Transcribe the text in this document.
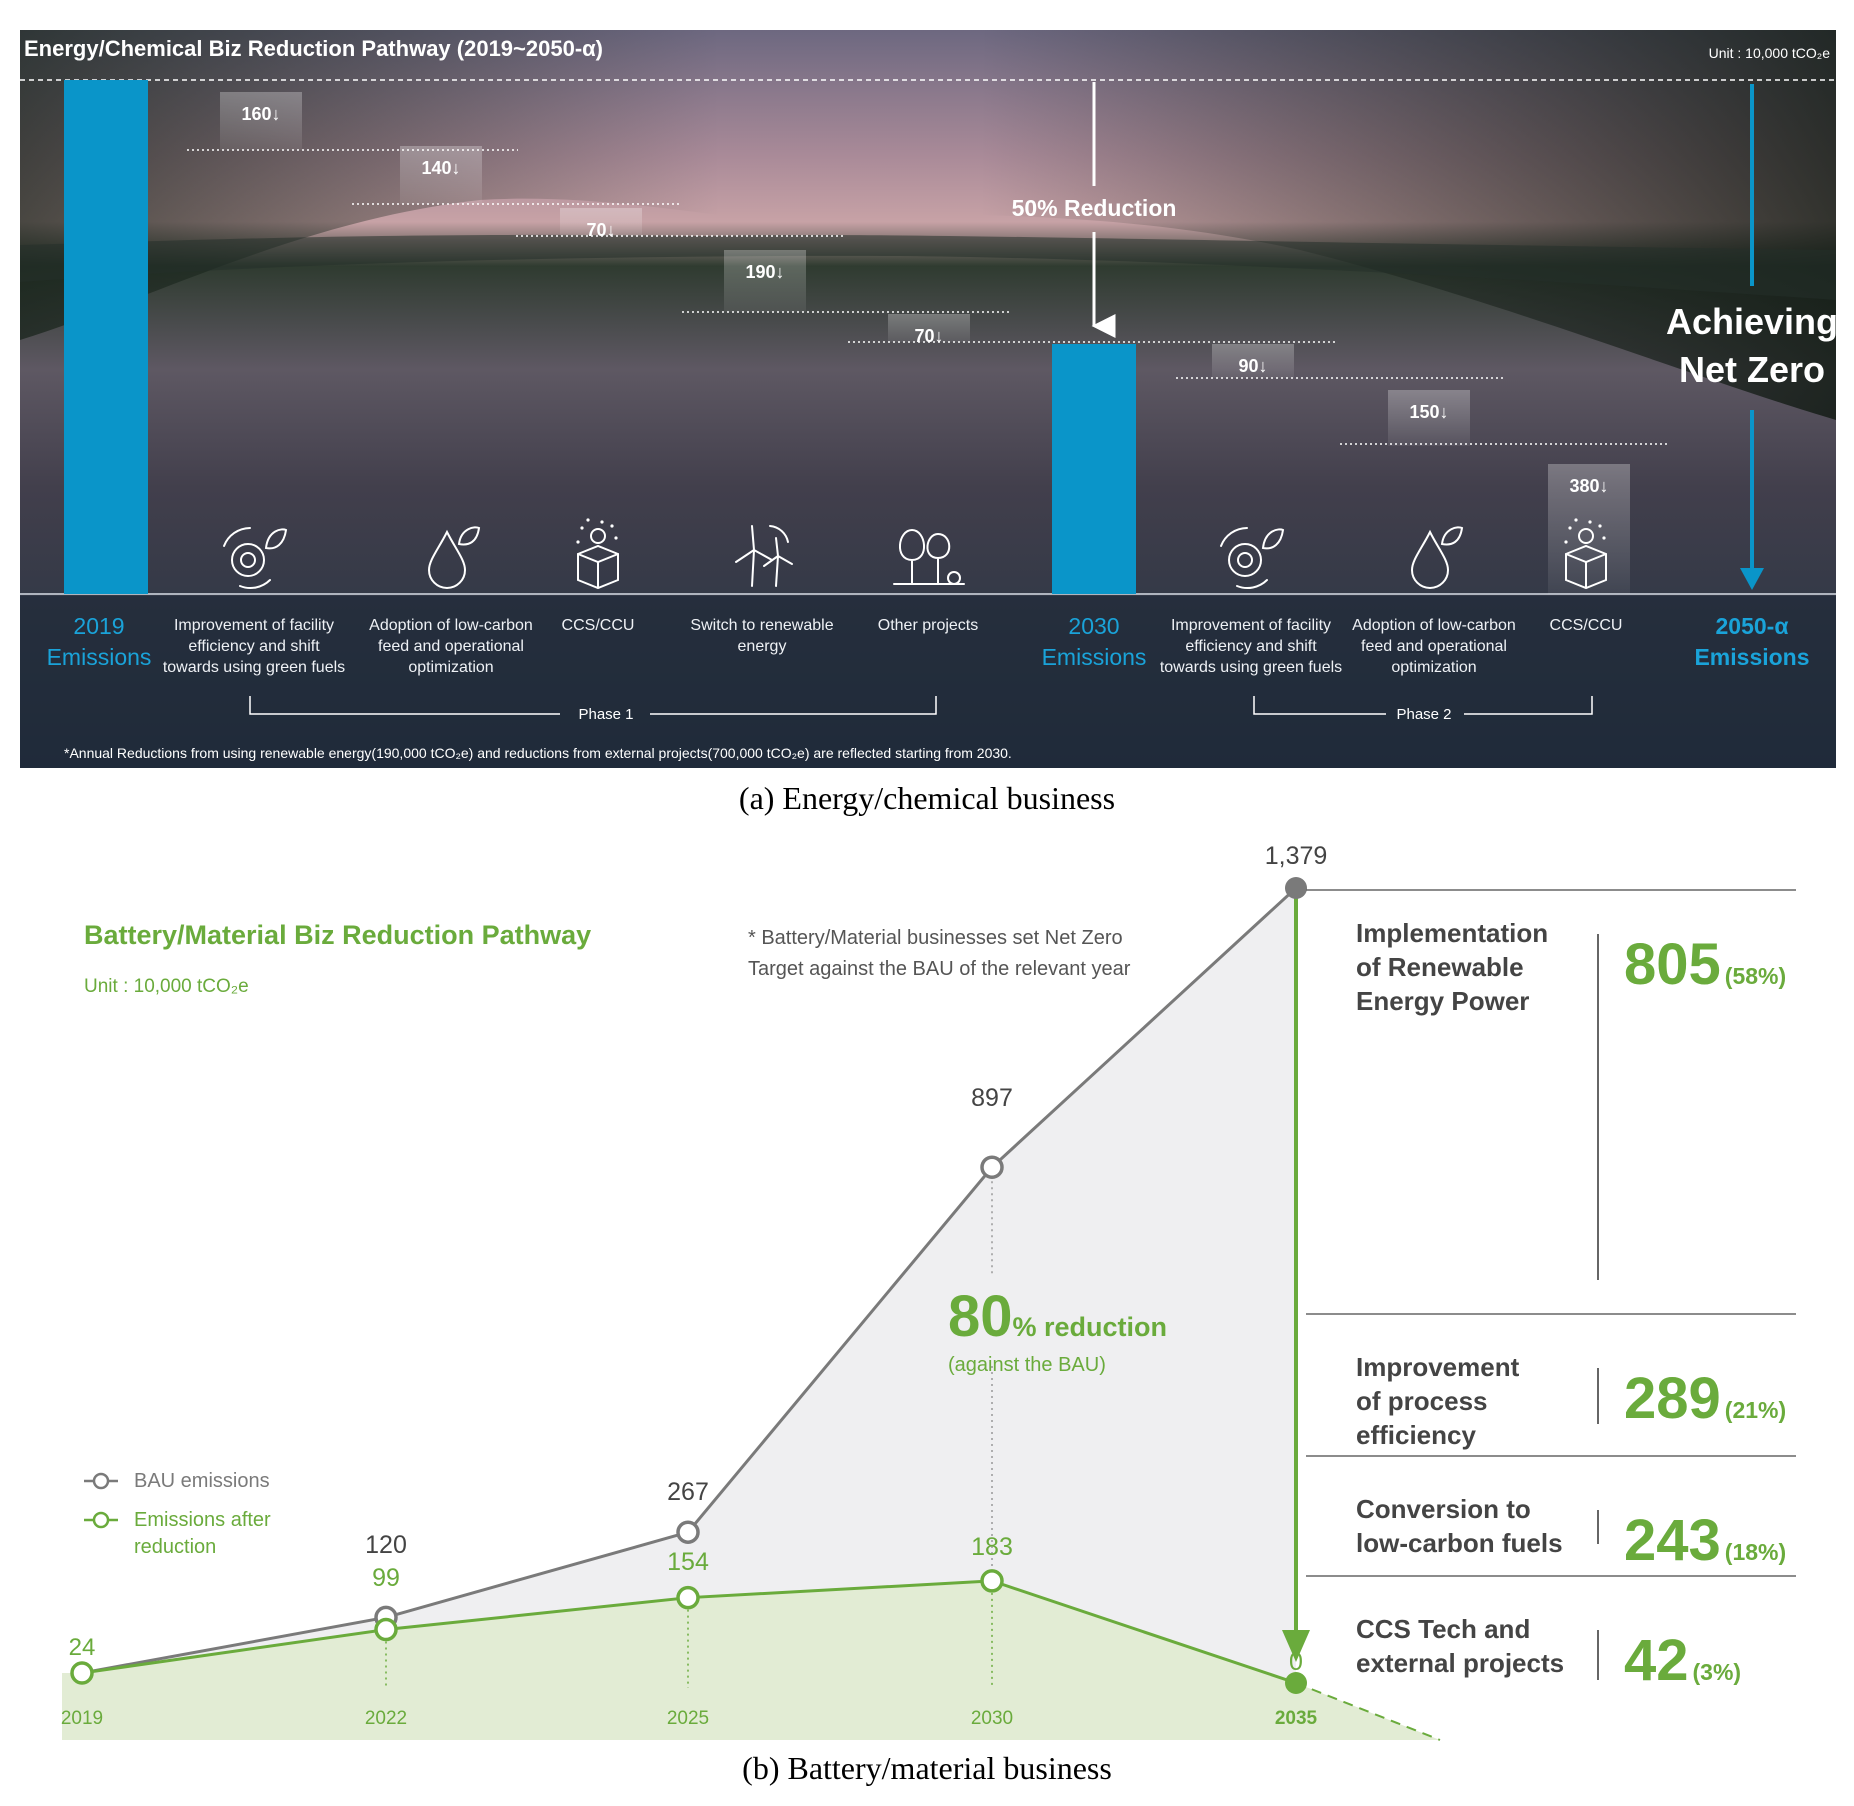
Energy/Chemical Biz Reduction Pathway (2019~2050-α)	Unit : 10,000 tCO₂e
2019 Emissions
2030 Emissions
2050-α Emissions
160↓
Improvement of facility efficiency and shift towards using green fuels
140↓
Adoption of low-carbon feed and operational optimization
70↓
CCS/CCU
190↓
Switch to renewable energy
70↓
Other projects
90↓
Improvement of facility efficiency and shift towards using green fuels
150↓
Adoption of low-carbon feed and operational optimization
380↓
CCS/CCU
50% Reduction
Achieving Net Zero
Phase 1	Phase 2
*Annual Reductions from using renewable energy(190,000 tCO₂e) and reductions from external projects(700,000 tCO₂e) are reflected starting from 2030.
(a) Energy/chemical business
24
120
267
897
1,379
99
154
183
0
2019	2022	2025	2030	2035
Battery/Material Biz Reduction Pathway
Unit : 10,000 tCO₂e
* Battery/Material businesses set Net Zero Target against the BAU of the relevant year
80% reduction
(against the BAU)
BAU emissions
Emissions after reduction
Implementation of Renewable Energy Power
805 (58%)
Improvement of process efficiency
289 (21%)
Conversion to low-carbon fuels 243 (18%)
CCS Tech and external projects 42 (3%)
(b) Battery/material business
